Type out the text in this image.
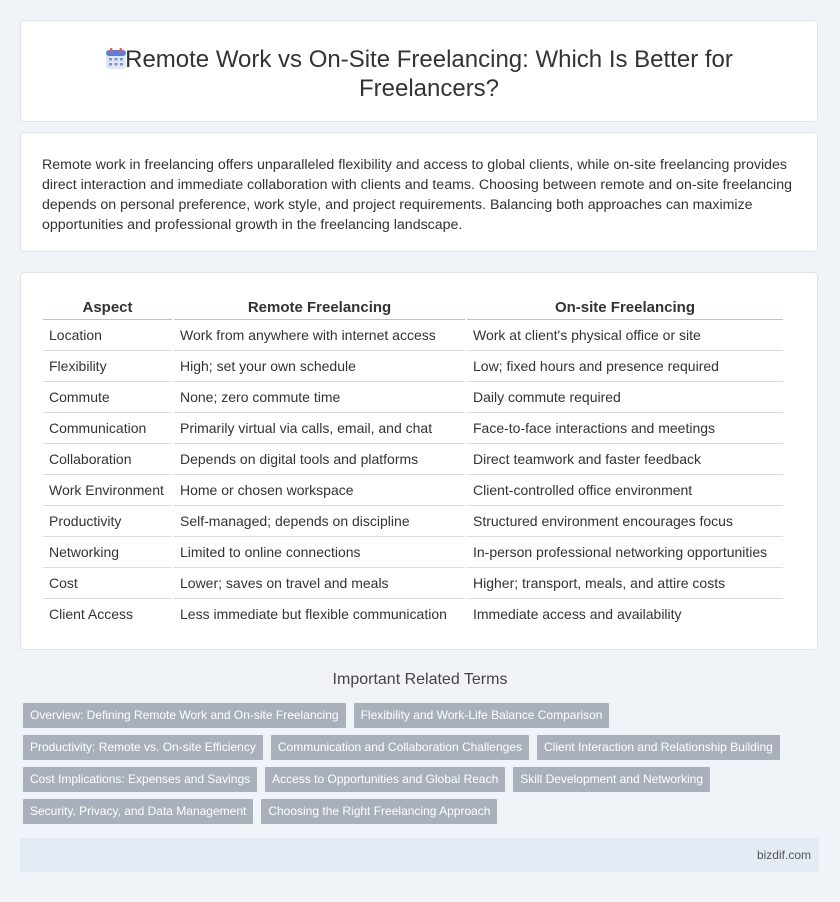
Remote Work vs On-Site Freelancing: Which Is Better for Freelancers?

Remote work in freelancing offers unparalleled flexibility and access to global clients, while on-site freelancing provides direct interaction and immediate collaboration with clients and teams. Choosing between remote and on-site freelancing depends on personal preference, work style, and project requirements. Balancing both approaches can maximize opportunities and professional growth in the freelancing landscape.

Aspect	Remote Freelancing	On-site Freelancing
Location	Work from anywhere with internet access	Work at client's physical office or site
Flexibility	High; set your own schedule	Low; fixed hours and presence required
Commute	None; zero commute time	Daily commute required
Communication	Primarily virtual via calls, email, and chat	Face-to-face interactions and meetings
Collaboration	Depends on digital tools and platforms	Direct teamwork and faster feedback
Work Environment	Home or chosen workspace	Client-controlled office environment
Productivity	Self-managed; depends on discipline	Structured environment encourages focus
Networking	Limited to online connections	In-person professional networking opportunities
Cost	Lower; saves on travel and meals	Higher; transport, meals, and attire costs
Client Access	Less immediate but flexible communication	Immediate access and availability
Important Related Terms
Overview: Defining Remote Work and On-site Freelancing	Flexibility and Work-Life Balance Comparison
Productivity: Remote vs. On-site Efficiency	Communication and Collaboration Challenges	Client Interaction and Relationship Building
Cost Implications: Expenses and Savings	Access to Opportunities and Global Reach	Skill Development and Networking
Security, Privacy, and Data Management	Choosing the Right Freelancing Approach
bizdif.com
